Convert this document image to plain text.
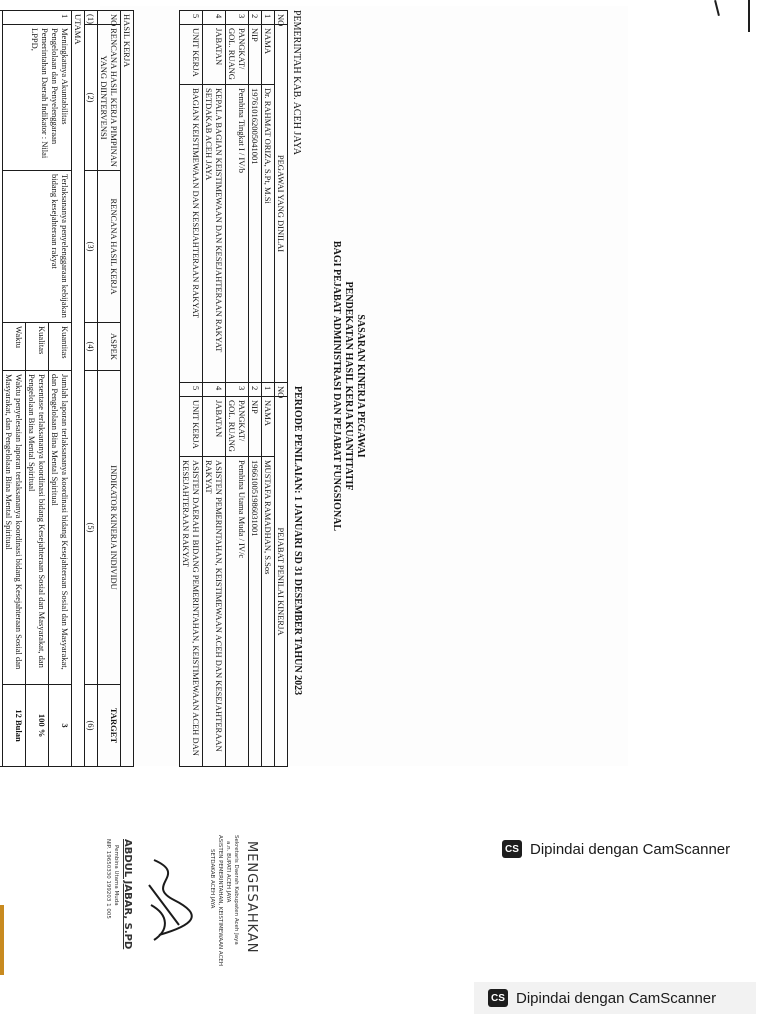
SASARAN KINERJA PEGAWAI
PENDEKATAN HASIL KERJA KUANTITATIF
BAGI PEJABAT ADMINISTRASI DAN PEJABAT FUNGSIONAL
PEMERINTAH KAB. ACEH JAYA
PERIODE PENILAIAN: 1 JANUARI SD 31 DESEMBER TAHUN 2023
NO	PEGAWAI YANG DINILAI		NO	PEJABAT PENILAI KINERJA	
1	NAMA	Dr. RAHMAT ORIZA, S.Pt, M.Si	1	NAMA	MUSTAFA RAMADHAN, S.Sos
2	NIP	197610162005041001	2	NIP	196610051986031001
3	PANGKAT/ GOL. RUANG	Pembina Tingkat I / IV/b	3	PANGKAT/ GOL. RUANG	Pembina Utama Muda / IV/c
4	JABATAN	KEPALA BAGIAN KEISTIMEWAAN DAN KESEJAHTERAAN RAKYAT SETDAKAB ACEH JAYA	4	JABATAN	ASISTEN PEMERINTAHAN, KEISTIMEWAAN ACEH DAN KESEJAHTERAAN RAKYAT
5	UNIT KERJA	BAGIAN KEISTIMEWAAN DAN KESEJAHTERAAN RAKYAT	5	UNIT KERJA	ASISTEN DAERAH I BIDANG PEMERINTAHAN, KEISTIMEWAAN ACEH DAN KESEJAHTERAAN RAKYAT
HASIL KERJA					
NO	RENCANA HASIL KERJA PIMPINAN YANG DIINTERVENSI	RENCANA HASIL KERJA	ASPEK	INDIKATOR KINERJA INDIVIDU	TARGET
(1)	(2)	(3)	(4)	(5)	(6)
UTAMA					
1	Meningkatnya Akuntabilitas Pengelolaan dan Penyelenggaraan Pemerintahan Daerah Indikator : Nilai LPPD,	Terlaksananya penyelenggaraan kebijakan bidang kesejahteraan rakyat	Kuantitas	Jumlah laporan terlaksananya koordinasi bidang Kesejahteraan Sosial dan Masyarakat, dan Pengelolaan Bina Mental Spiritual	3
			Kualitas	Persentase terlaksananya koordinasi bidang Kesejahteraan Sosial dan Masyarakat, dan Pengelolaan Bina Mental Spiritual	100 %
			Waktu	Waktu penyelesaian laporan terlaksananya koordinasi bidang Kesejahteraan Sosial dan Masyarakat, dan Pengelolaan Bina Mental Spiritual	12 Bulan

MENGESAHKAN
Sekretaris Daerah Kabupaten Aceh Jaya
a.n. BUPATI ACEH JAYA
ASISTEN PEMERINTAHAN, KEISTIMEWAAN ACEH
SETDAKAB ACEH JAYA
ABDUL JABAR, S.PD
Pembina Utama Muda
NIP. 19650330 199203 1 005	CS Dipindai dengan CamScanner
CS Dipindai dengan CamScanner
